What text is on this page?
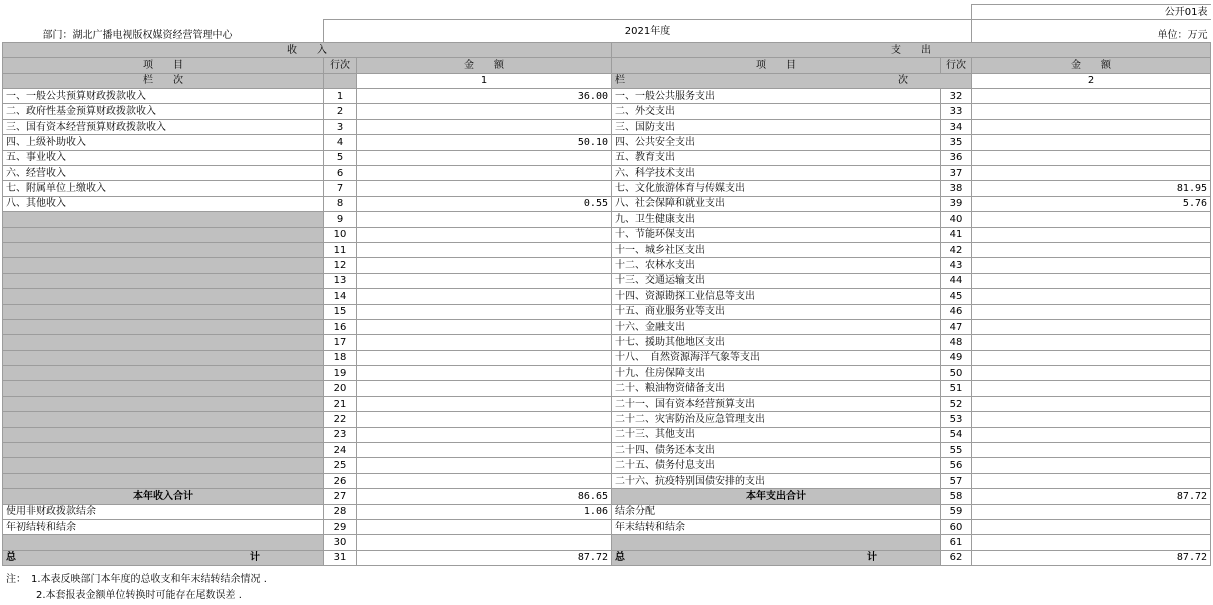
					公开01表
部门：湖北广播电视版权媒资经营管理中心	2021年度				单位：万元
收　　入			支　　出		
项　　目	行次	金　　额	项　　目	行次	金　　额
栏　　次		1	栏 次		2
一、一般公共预算财政拨款收入	1	36.00	一、一般公共服务支出	32	
二、政府性基金预算财政拨款收入	2		二、外交支出	33	
三、国有资本经营预算财政拨款收入	3		三、国防支出	34	
四、上级补助收入	4	50.10	四、公共安全支出	35	
五、事业收入	5		五、教育支出	36	
六、经营收入	6		六、科学技术支出	37	
七、附属单位上缴收入	7		七、文化旅游体育与传媒支出	38	81.95
八、其他收入	8	0.55	八、社会保障和就业支出	39	5.76
	9		九、卫生健康支出	40	
	10		十、节能环保支出	41	
	11		十一、城乡社区支出	42	
	12		十二、农林水支出	43	
	13		十三、交通运输支出	44	
	14		十四、资源勘探工业信息等支出	45	
	15		十五、商业服务业等支出	46	
	16		十六、金融支出	47	
	17		十七、援助其他地区支出	48	
	18		十八、　自然资源海洋气象等支出	49	
	19		十九、住房保障支出	50	
	20		二十、粮油物资储备支出	51	
	21		二十一、国有资本经营预算支出	52	
	22		二十二、灾害防治及应急管理支出	53	
	23		二十三、其他支出	54	
	24		二十四、债务还本支出	55	
	25		二十五、债务付息支出	56	
	26		二十六、抗疫特别国债安排的支出	57	
本年收入合计	27	86.65	本年支出合计	58	87.72
使用非财政拨款结余	28	1.06	结余分配	59	
年初结转和结余	29		年末结转和结余	60	
	30			61	

总 计	31	87.72	总 计	62	87.72
注：　1.本表反映部门本年度的总收支和年末结转结余情况 .
　　　2.本套报表金额单位转换时可能存在尾数误差 .
